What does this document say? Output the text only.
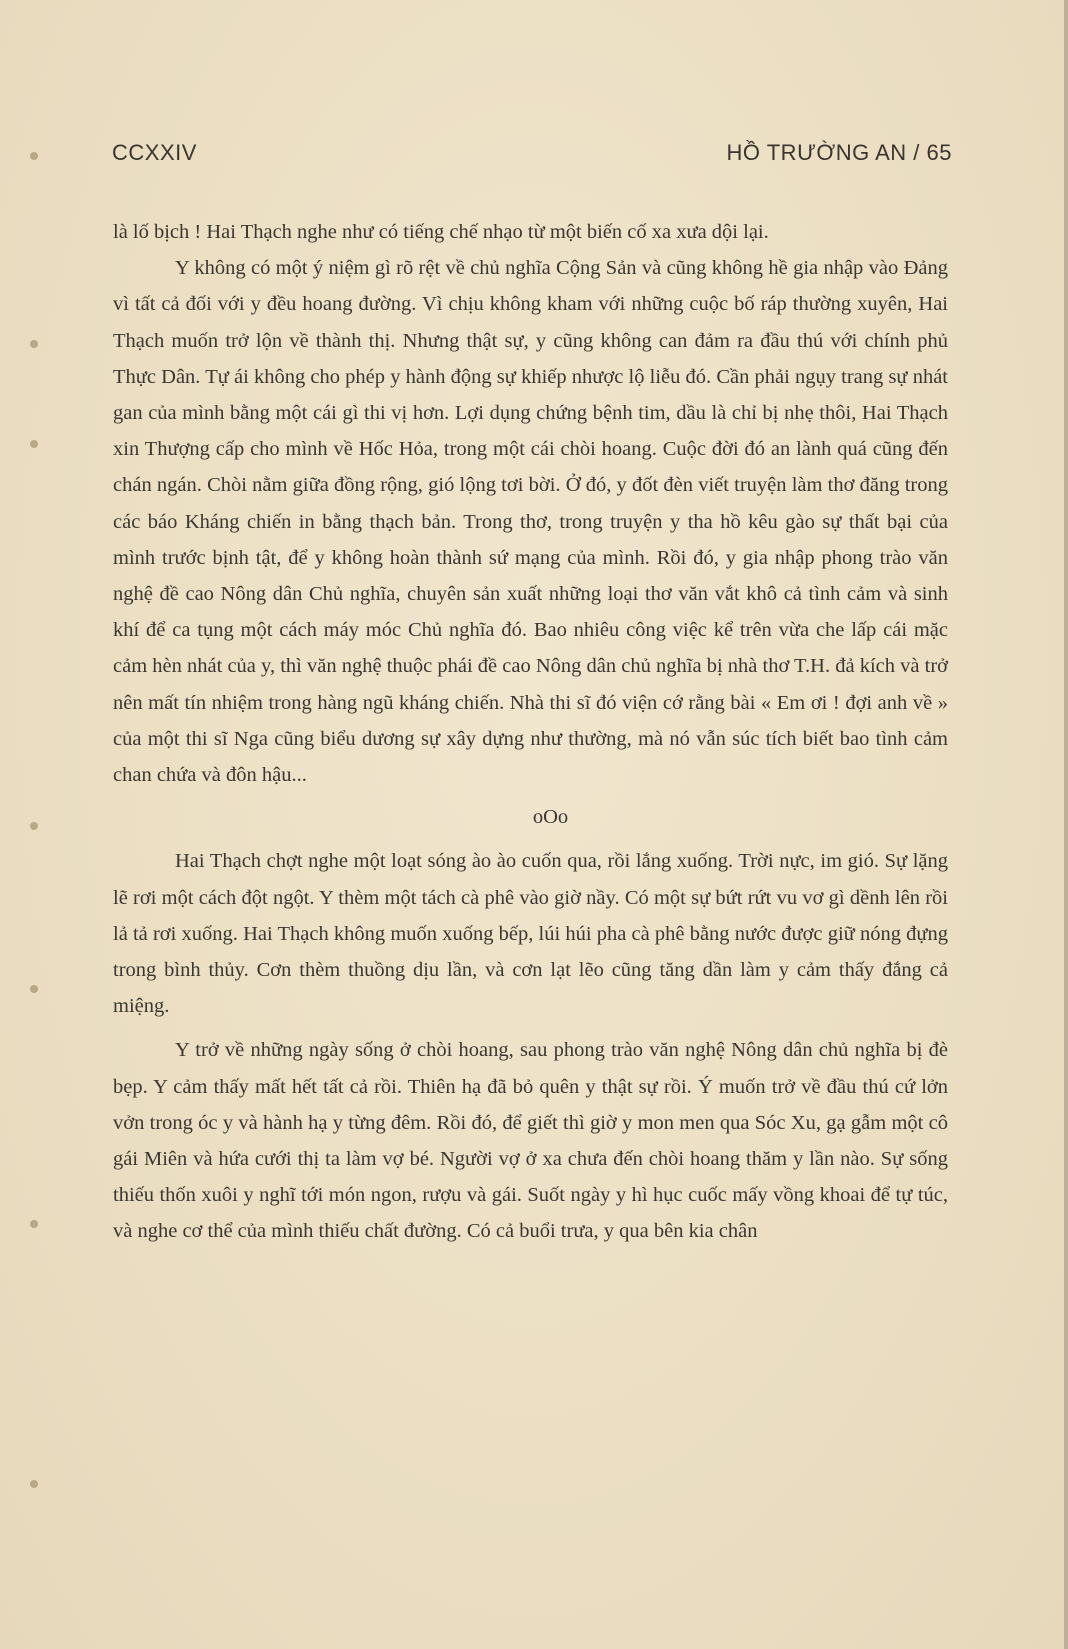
CCXXIV	HỒ TRƯỜNG AN / 65

là lố bịch ! Hai Thạch nghe như có tiếng chế nhạo từ một biến cố xa xưa dội lại.

Y không có một ý niệm gì rõ rệt về chủ nghĩa Cộng Sản và cũng không hề gia nhập vào Đảng vì tất cả đối với y đều hoang đường. Vì chịu không kham với những cuộc bố ráp thường xuyên, Hai Thạch muốn trở lộn về thành thị. Nhưng thật sự, y cũng không can đảm ra đầu thú với chính phủ Thực Dân. Tự ái không cho phép y hành động sự khiếp nhược lộ liễu đó. Cần phải ngụy trang sự nhát gan của mình bằng một cái gì thi vị hơn. Lợi dụng chứng bệnh tim, dầu là chỉ bị nhẹ thôi, Hai Thạch xin Thượng cấp cho mình về Hốc Hỏa, trong một cái chòi hoang. Cuộc đời đó an lành quá cũng đến chán ngán. Chòi nằm giữa đồng rộng, gió lộng tơi bời. Ở đó, y đốt đèn viết truyện làm thơ đăng trong các báo Kháng chiến in bằng thạch bản. Trong thơ, trong truyện y tha hồ kêu gào sự thất bại của mình trước bịnh tật, để y không hoàn thành sứ mạng của mình. Rồi đó, y gia nhập phong trào văn nghệ đề cao Nông dân Chủ nghĩa, chuyên sản xuất những loại thơ văn vắt khô cả tình cảm và sinh khí để ca tụng một cách máy móc Chủ nghĩa đó. Bao nhiêu công việc kể trên vừa che lấp cái mặc cảm hèn nhát của y, thì văn nghệ thuộc phái đề cao Nông dân chủ nghĩa bị nhà thơ T.H. đả kích và trở nên mất tín nhiệm trong hàng ngũ kháng chiến. Nhà thi sĩ đó viện cớ rằng bài « Em ơi ! đợi anh về » của một thi sĩ Nga cũng biểu dương sự xây dựng như thường, mà nó vẫn súc tích biết bao tình cảm chan chứa và đôn hậu...

oOo

Hai Thạch chợt nghe một loạt sóng ào ào cuốn qua, rồi lắng xuống. Trời nực, im gió. Sự lặng lẽ rơi một cách đột ngột. Y thèm một tách cà phê vào giờ nầy. Có một sự bứt rứt vu vơ gì dềnh lên rồi lả tả rơi xuống. Hai Thạch không muốn xuống bếp, lúi húi pha cà phê bằng nước được giữ nóng đựng trong bình thủy. Cơn thèm thuồng dịu lần, và cơn lạt lẽo cũng tăng dần làm y cảm thấy đắng cả miệng.

Y trở về những ngày sống ở chòi hoang, sau phong trào văn nghệ Nông dân chủ nghĩa bị đè bẹp. Y cảm thấy mất hết tất cả rồi. Thiên hạ đã bỏ quên y thật sự rồi. Ý muốn trở về đầu thú cứ lởn vởn trong óc y và hành hạ y từng đêm. Rồi đó, để giết thì giờ y mon men qua Sóc Xu, gạ gẫm một cô gái Miên và hứa cưới thị ta làm vợ bé. Người vợ ở xa chưa đến chòi hoang thăm y lần nào. Sự sống thiếu thốn xuôi y nghĩ tới món ngon, rượu và gái. Suốt ngày y hì hục cuốc mấy vồng khoai để tự túc, và nghe cơ thể của mình thiếu chất đường. Có cả buổi trưa, y qua bên kia chân
